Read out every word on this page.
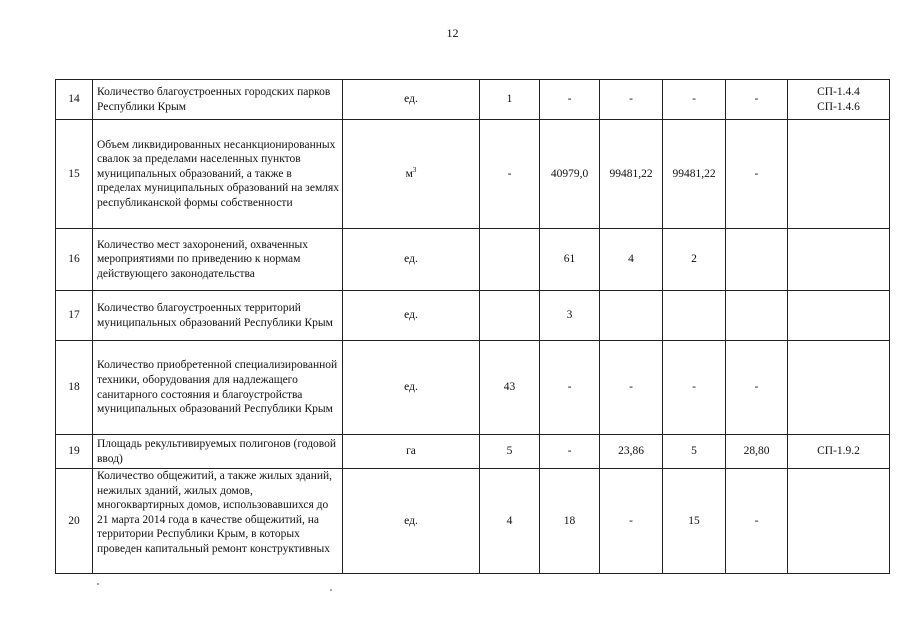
12
14	Количество благоустроенных городских парков Республики Крым	ед.	1	-	-	-	-	СП-1.4.4
СП-1.4.6

15	Объем ликвидированных несанкционированных свалок за пределами населенных пунктов муниципальных образований, а также в пределах муниципальных образований на землях республиканской формы собственности	$м^3$	-	40979,0	99481,22	99481,22	-	
16	Количество мест захоронений, охваченных мероприятиями по приведению к нормам действующего законодательства	ед.		61	4	2		
17	Количество благоустроенных территорий муниципальных образований Республики Крым	ед.		3				
18	Количество приобретенной специализированной техники, оборудования для надлежащего санитарного состояния и благоустройства муниципальных образований Республики Крым	ед.	43	-	-	-	-	
19	Площадь рекультивируемых полигонов (годовой ввод)	га	5	-	23,86	5	28,80	СП-1.9.2

20	Количество общежитий, а также жилых зданий, нежилых зданий, жилых домов, многоквартирных домов, использовавшихся до 21 марта 2014 года в качестве общежитий, на территории Республики Крым, в которых проведен капитальный ремонт конструктивных	ед.	4	18	-	15	-	
